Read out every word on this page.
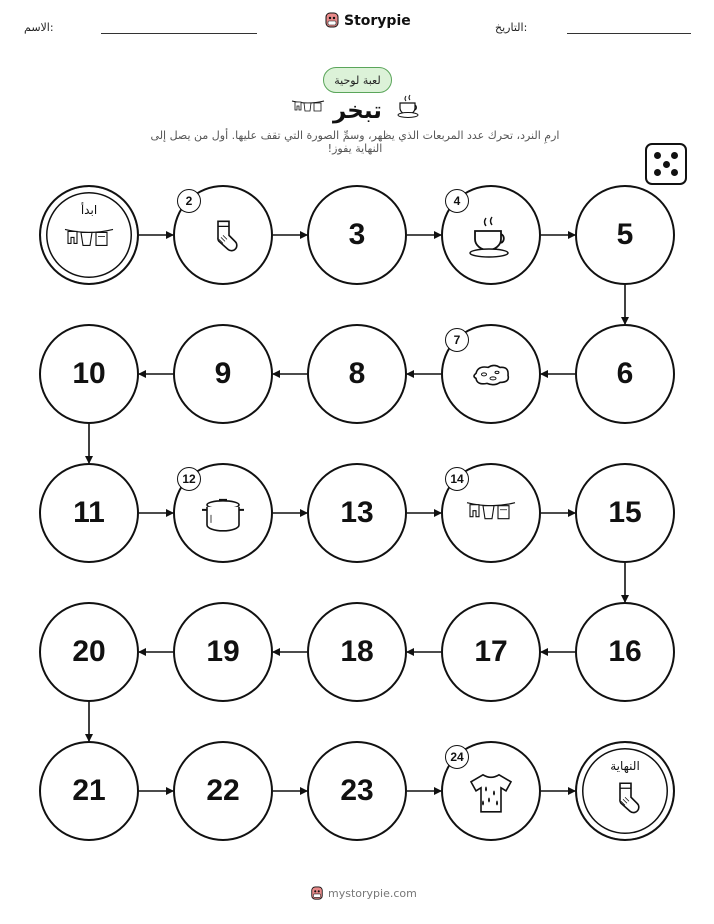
الاسم:	Storypie	التاريخ:
لعبة لوحية
تبخر
ارمِ النرد، تحرك عدد المربعات الذي يظهر، وسمِّ الصورة التي تقف عليها. أول من يصل إلى النهاية يفوز!
ابدأ
2
3
4
5
6
7
8
9
10
11
12
13
14
15
16
17
18
19
20
21	22	23
24
النهاية
mystorypie.com
